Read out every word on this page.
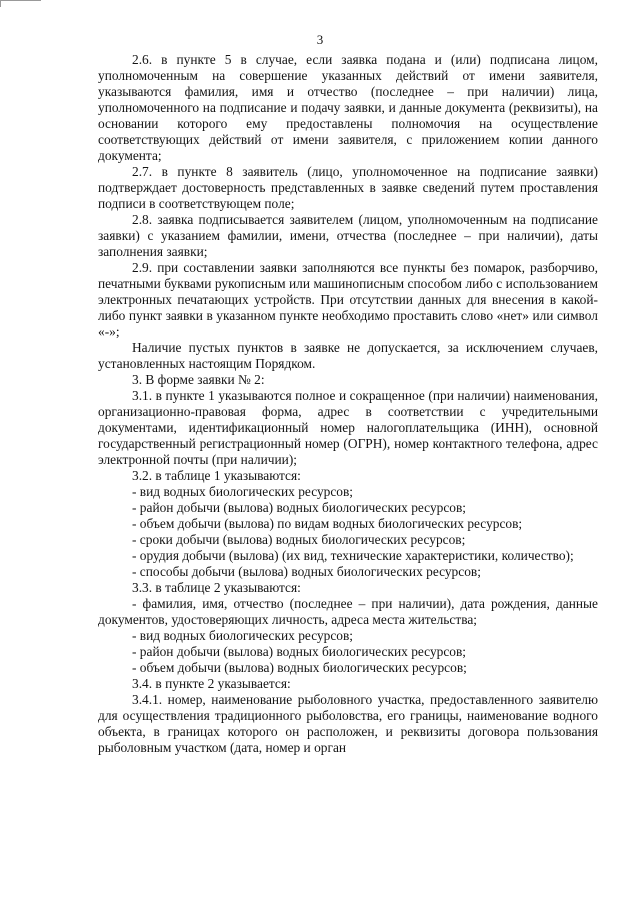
3

2.6. в пункте 5 в случае, если заявка подана и (или) подписана лицом, уполномоченным на совершение указанных действий от имени заявителя, указываются фамилия, имя и отчество (последнее – при наличии) лица, уполномоченного на подписание и подачу заявки, и данные документа (реквизиты), на основании которого ему предоставлены полномочия на осуществление соответствующих действий от имени заявителя, с приложением копии данного документа;

2.7. в пункте 8 заявитель (лицо, уполномоченное на подписание заявки) подтверждает достоверность представленных в заявке сведений путем проставления подписи в соответствующем поле;

2.8. заявка подписывается заявителем (лицом, уполномоченным на подписание заявки) с указанием фамилии, имени, отчества (последнее – при наличии), даты заполнения заявки;

2.9. при составлении заявки заполняются все пункты без помарок, разборчиво, печатными буквами рукописным или машинописным способом либо с использованием электронных печатающих устройств. При отсутствии данных для внесения в какой-либо пункт заявки в указанном пункте необходимо проставить слово «нет» или символ «-»;

Наличие пустых пунктов в заявке не допускается, за исключением случаев, установленных настоящим Порядком.

3. В форме заявки № 2:

3.1. в пункте 1 указываются полное и сокращенное (при наличии) наименования, организационно-правовая форма, адрес в соответствии с учредительными документами, идентификационный номер налогоплательщика (ИНН), основной государственный регистрационный номер (ОГРН), номер контактного телефона, адрес электронной почты (при наличии);

3.2. в таблице 1 указываются:

- вид водных биологических ресурсов;

- район добычи (вылова) водных биологических ресурсов;

- объем добычи (вылова) по видам водных биологических ресурсов;

- сроки добычи (вылова) водных биологических ресурсов;

- орудия добычи (вылова) (их вид, технические характеристики, количество);

- способы добычи (вылова) водных биологических ресурсов;

3.3. в таблице 2 указываются:

- фамилия, имя, отчество (последнее – при наличии), дата рождения, данные документов, удостоверяющих личность, адреса места жительства;

- вид водных биологических ресурсов;

- район добычи (вылова) водных биологических ресурсов;

- объем добычи (вылова) водных биологических ресурсов;

3.4. в пункте 2 указывается:

3.4.1. номер, наименование рыболовного участка, предоставленного заявителю для осуществления традиционного рыболовства, его границы, наименование водного объекта, в границах которого он расположен, и реквизиты договора пользования рыболовным участком (дата, номер и орган
